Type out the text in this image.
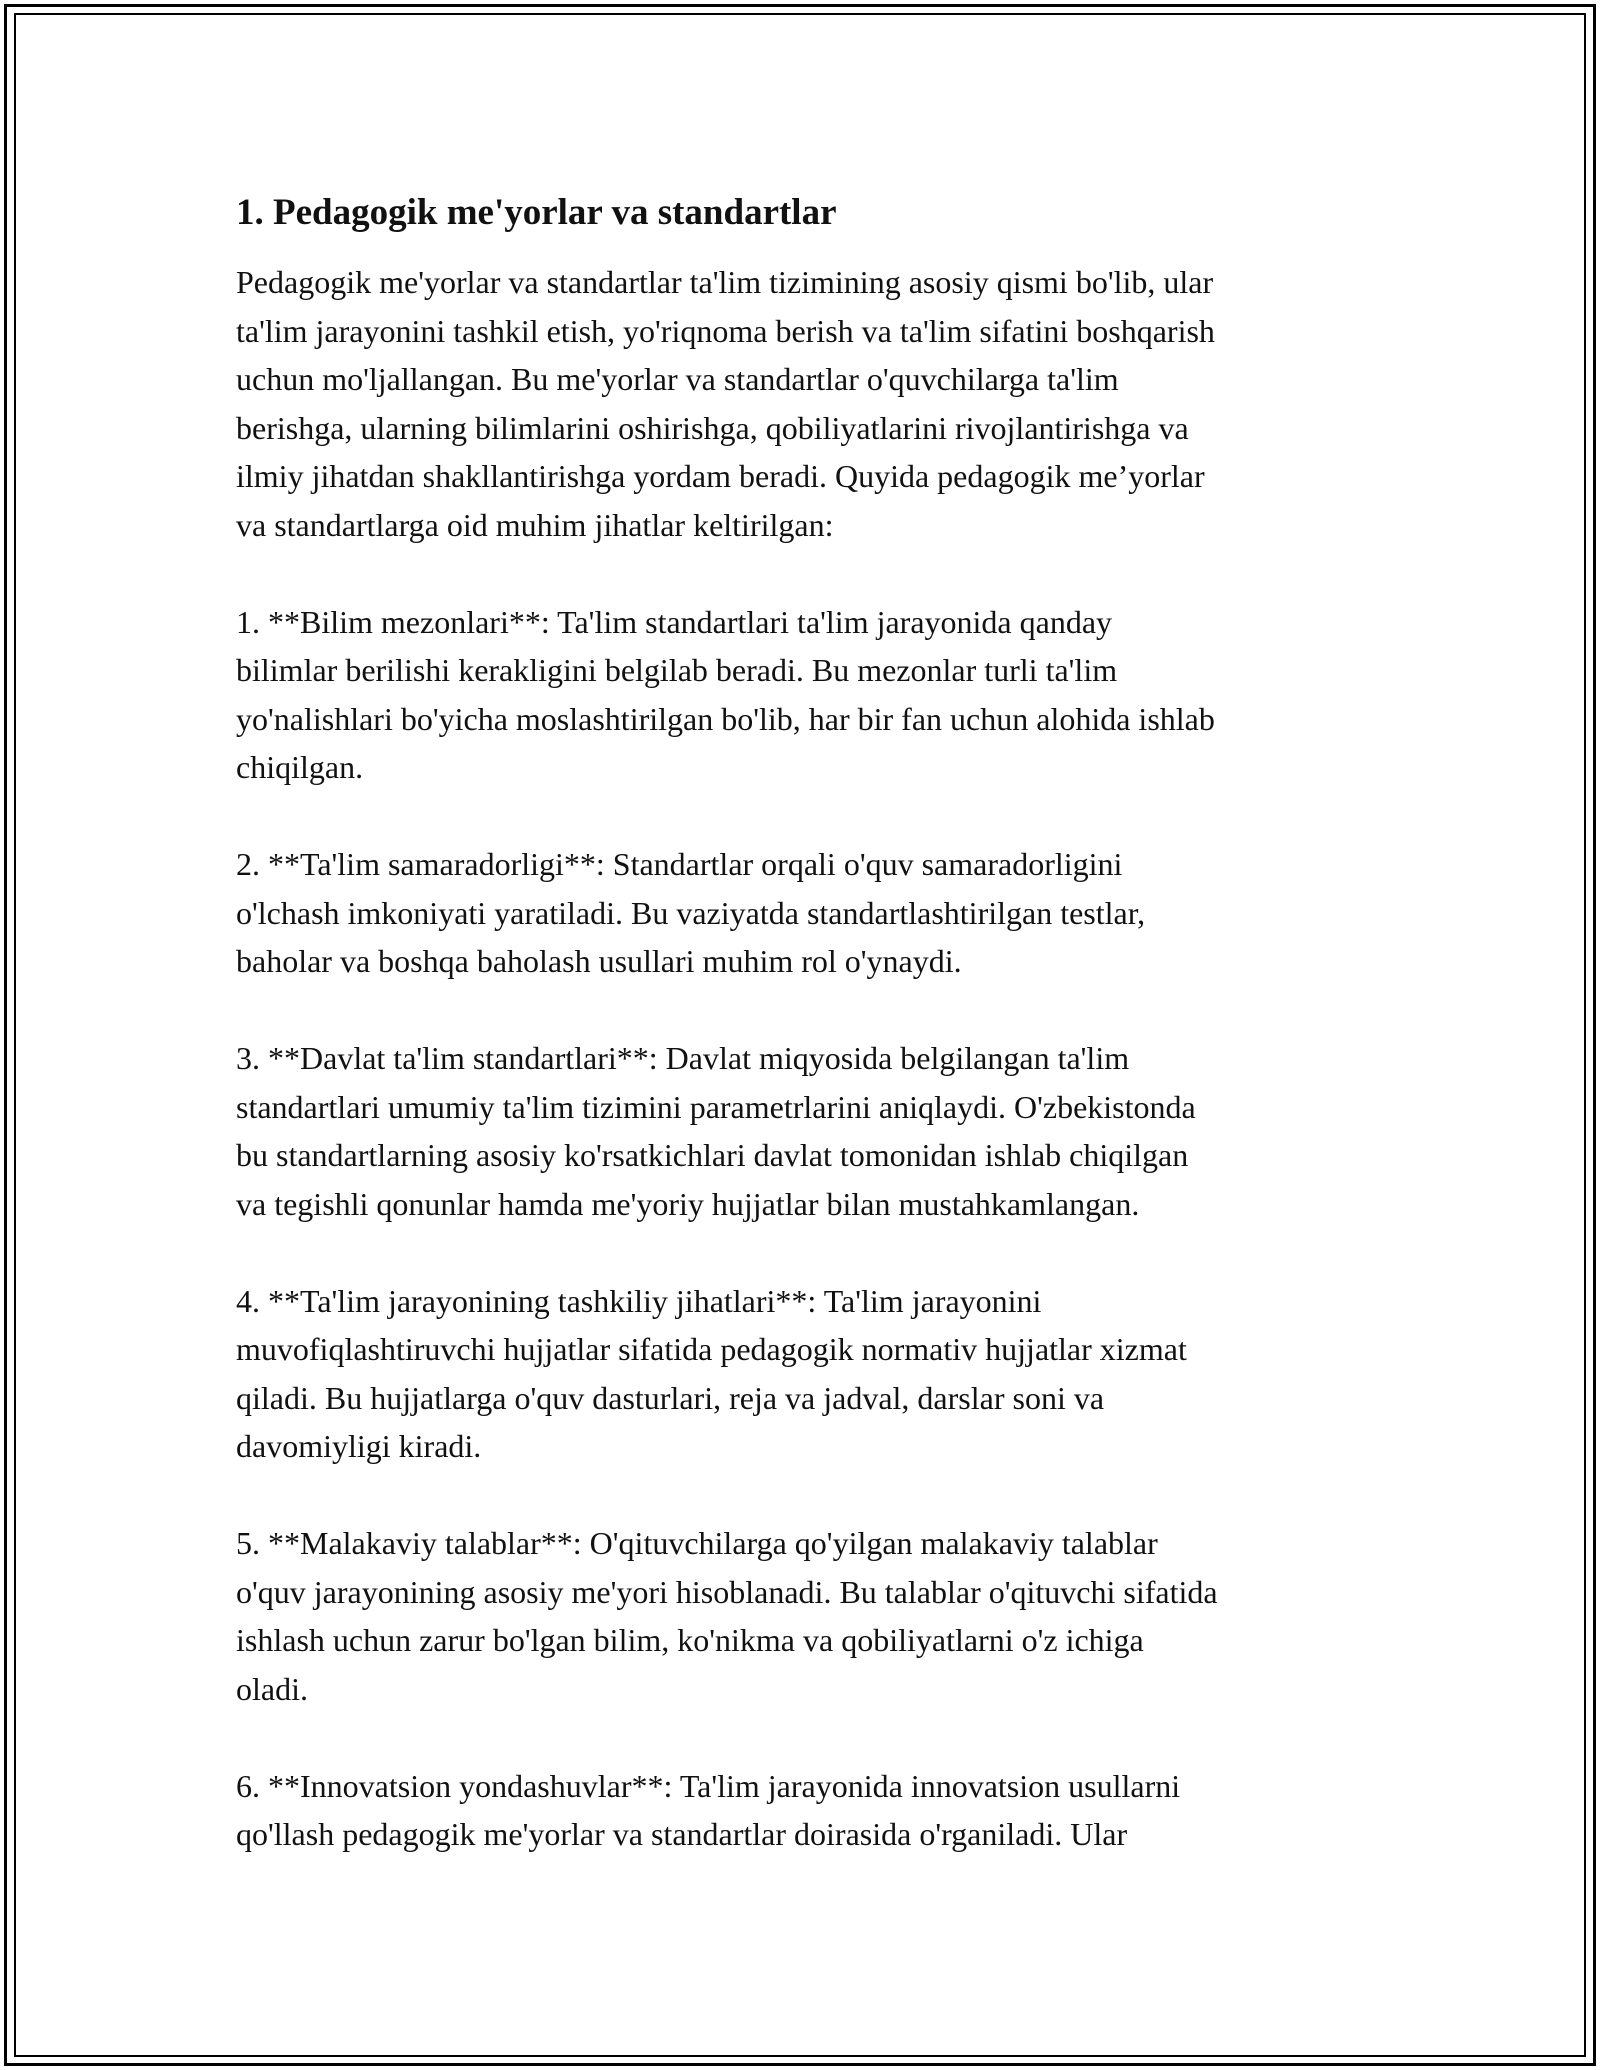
1. Pedagogik me'yorlar va standartlar

Pedagogik me'yorlar va standartlar ta'lim tizimining asosiy qismi bo'lib, ular
ta'lim jarayonini tashkil etish, yo'riqnoma berish va ta'lim sifatini boshqarish
uchun mo'ljallangan. Bu me'yorlar va standartlar o'quvchilarga ta'lim
berishga, ularning bilimlarini oshirishga, qobiliyatlarini rivojlantirishga va
ilmiy jihatdan shakllantirishga yordam beradi. Quyida pedagogik me’yorlar
va standartlarga oid muhim jihatlar keltirilgan:

1. **Bilim mezonlari**: Ta'lim standartlari ta'lim jarayonida qanday
bilimlar berilishi kerakligini belgilab beradi. Bu mezonlar turli ta'lim
yo'nalishlari bo'yicha moslashtirilgan bo'lib, har bir fan uchun alohida ishlab
chiqilgan.

2. **Ta'lim samaradorligi**: Standartlar orqali o'quv samaradorligini
o'lchash imkoniyati yaratiladi. Bu vaziyatda standartlashtirilgan testlar,
baholar va boshqa baholash usullari muhim rol o'ynaydi.

3. **Davlat ta'lim standartlari**: Davlat miqyosida belgilangan ta'lim
standartlari umumiy ta'lim tizimini parametrlarini aniqlaydi. O'zbekistonda
bu standartlarning asosiy ko'rsatkichlari davlat tomonidan ishlab chiqilgan
va tegishli qonunlar hamda me'yoriy hujjatlar bilan mustahkamlangan.

4. **Ta'lim jarayonining tashkiliy jihatlari**: Ta'lim jarayonini
muvofiqlashtiruvchi hujjatlar sifatida pedagogik normativ hujjatlar xizmat
qiladi. Bu hujjatlarga o'quv dasturlari, reja va jadval, darslar soni va
davomiyligi kiradi.

5. **Malakaviy talablar**: O'qituvchilarga qo'yilgan malakaviy talablar
o'quv jarayonining asosiy me'yori hisoblanadi. Bu talablar o'qituvchi sifatida
ishlash uchun zarur bo'lgan bilim, ko'nikma va qobiliyatlarni o'z ichiga
oladi.

6. **Innovatsion yondashuvlar**: Ta'lim jarayonida innovatsion usullarni
qo'llash pedagogik me'yorlar va standartlar doirasida o'rganiladi. Ular
